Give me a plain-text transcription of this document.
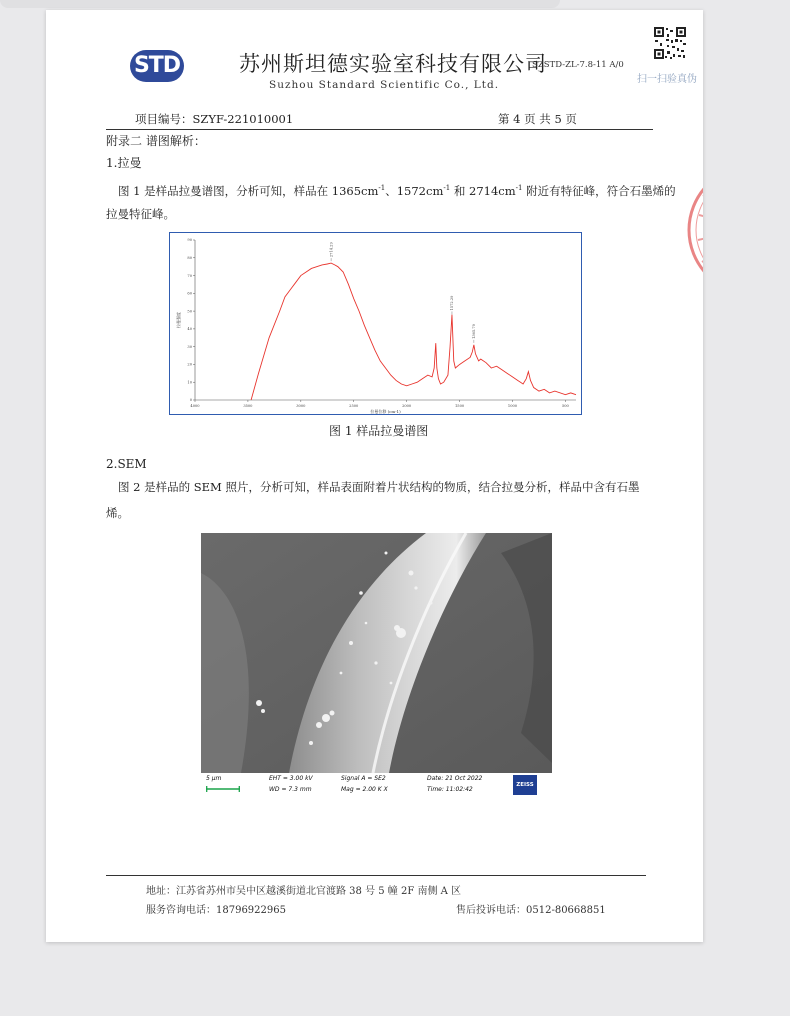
STD	苏州斯坦德实验室科技有限公司
Suzhou Standard Scientific Co., Ltd.
SZSTD-ZL-7.8-11 A/0
扫一扫验真伪
项目编号：SZYF-221010001	第 4 页 共 5 页
附录二 谱图解析：
1.拉曼
图 1 是样品拉曼谱图，分析可知，样品在 $1365cm^{-1}$、$1572cm^{-1}$ 和 $2714cm^{-1}$ 附近有特征峰，符合石墨烯的
拉曼特征峰。
4000	3500	3000	2500	2000	1500	1000	500
0
10
20
30
40
50
60
70
80
90
2714.29
1572.29
1365.79
拉曼位移 (cm-1)
拉曼强度
图 1 样品拉曼谱图
2.SEM
图 2 是样品的 SEM 照片，分析可知，样品表面附着片状结构的物质，结合拉曼分析，样品中含有石墨
烯。
5 µm	EHT = 3.00 kV
WD = 7.3 mm
Signal A = SE2
Mag = 2.00 K X
Date: 21 Oct 2022
Time: 11:02:42
ZEISS
地址：江苏省苏州市吴中区越溪街道北官渡路 38 号 5 幢 2F 南侧 A 区
服务咨询电话：18796922965	售后投诉电话：0512-80668851
